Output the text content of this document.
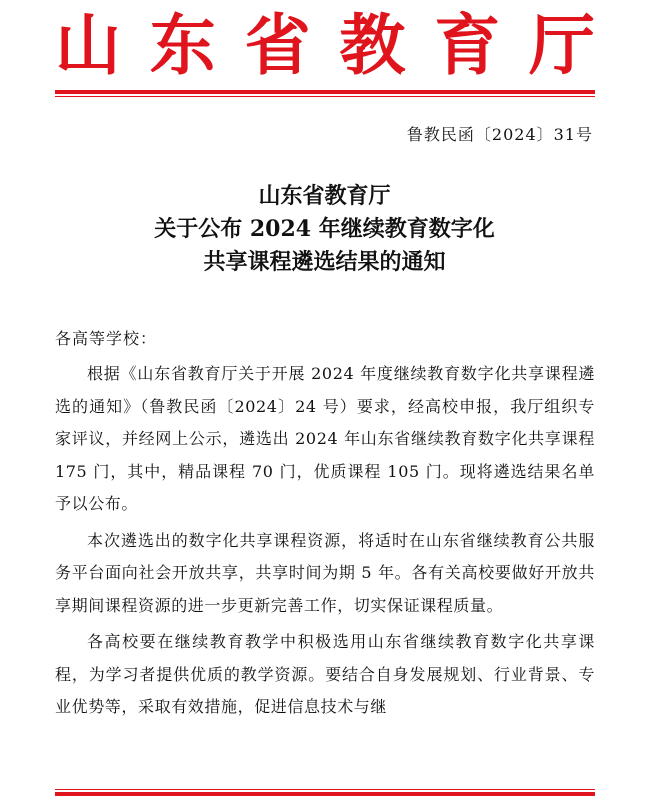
山 东 省 教 育 厅
鲁教民函〔2024〕31号
山东省教育厅
关于公布 2024 年继续教育数字化
共享课程遴选结果的通知
各高等学校：

根据《山东省教育厅关于开展 2024 年度继续教育数字化共享课程遴选的通知》（鲁教民函〔2024〕24 号）要求，经高校申报，我厅组织专家评议，并经网上公示，遴选出 2024 年山东省继续教育数字化共享课程 175 门，其中，精品课程 70 门，优质课程 105 门。现将遴选结果名单予以公布。

本次遴选出的数字化共享课程资源，将适时在山东省继续教育公共服务平台面向社会开放共享，共享时间为期 5 年。各有关高校要做好开放共享期间课程资源的进一步更新完善工作，切实保证课程质量。

各高校要在继续教育教学中积极选用山东省继续教育数字化共享课程，为学习者提供优质的教学资源。要结合自身发展规划、行业背景、专业优势等，采取有效措施，促进信息技术与继
